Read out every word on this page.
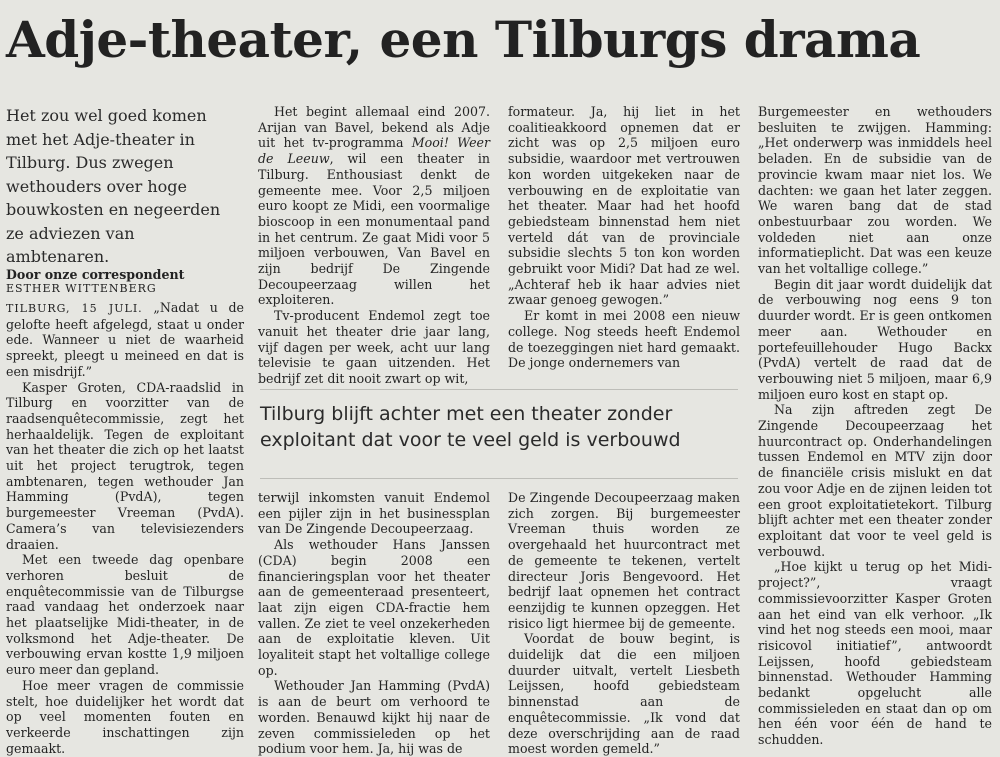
Adje-theater, een Tilburgs drama
Het zou wel goed komen met het Adje-theater in Tilburg. Dus zwegen wethouders over hoge bouwkosten en negeerden ze adviezen van ambtenaren.
Door onze correspondent
ESTHER WITTENBERG

TILBURG, 15 JULI. „Nadat u de gelofte heeft afgelegd, staat u onder ede. Wanneer u niet de waarheid spreekt, pleegt u meineed en dat is een misdrijf.”

Kasper Groten, CDA-raadslid in Tilburg en voorzitter van de raadsenquêtecommissie, zegt het herhaaldelijk. Tegen de exploitant van het theater die zich op het laatst uit het project terugtrok, tegen ambtenaren, tegen wethouder Jan Hamming (PvdA), tegen burgemeester Vreeman (PvdA). Camera’s van televisiezenders draaien.

Met een tweede dag openbare verhoren besluit de enquêtecommissie van de Tilburgse raad vandaag het onderzoek naar het plaatselijke Midi-theater, in de volksmond het Adje-theater. De verbouwing ervan kostte 1,9 miljoen euro meer dan gepland.

Hoe meer vragen de commissie stelt, hoe duidelijker het wordt dat op veel momenten fouten en verkeerde inschattingen zijn gemaakt.

Het begint allemaal eind 2007. Arijan van Bavel, bekend als Adje uit het tv-programma Mooi! Weer de Leeuw, wil een theater in Tilburg. Enthousiast denkt de gemeente mee. Voor 2,5 miljoen euro koopt ze Midi, een voormalige bioscoop in een monumentaal pand in het centrum. Ze gaat Midi voor 5 miljoen verbouwen, Van Bavel en zijn bedrijf De Zingende Decoupeerzaag willen het exploiteren.

Tv-producent Endemol zegt toe vanuit het theater drie jaar lang, vijf dagen per week, acht uur lang televisie te gaan uitzenden. Het bedrijf zet dit nooit zwart op wit,

formateur. Ja, hij liet in het coalitieakkoord opnemen dat er zicht was op 2,5 miljoen euro subsidie, waardoor met vertrouwen kon worden uitgekeken naar de verbouwing en de exploitatie van het theater. Maar had het hoofd gebiedsteam binnenstad hem niet verteld dát van de provinciale subsidie slechts 5 ton kon worden gebruikt voor Midi? Dat had ze wel. „Achteraf heb ik haar advies niet zwaar genoeg gewogen.”

Er komt in mei 2008 een nieuw college. Nog steeds heeft Endemol de toezeggingen niet hard gemaakt. De jonge ondernemers van

Tilburg blijft achter met een theater zonder exploitant dat voor te veel geld is verbouwd

terwijl inkomsten vanuit Endemol een pijler zijn in het businessplan van De Zingende Decoupeerzaag.

Als wethouder Hans Janssen (CDA) begin 2008 een financieringsplan voor het theater aan de gemeenteraad presenteert, laat zijn eigen CDA-fractie hem vallen. Ze ziet te veel onzekerheden aan de exploitatie kleven. Uit loyaliteit stapt het voltallige college op.

Wethouder Jan Hamming (PvdA) is aan de beurt om verhoord te worden. Benauwd kijkt hij naar de zeven commissieleden op het podium voor hem. Ja, hij was de

De Zingende Decoupeerzaag maken zich zorgen. Bij burgemeester Vreeman thuis worden ze overgehaald het huurcontract met de gemeente te tekenen, vertelt directeur Joris Bengevoord. Het bedrijf laat opnemen het contract eenzijdig te kunnen opzeggen. Het risico ligt hiermee bij de gemeente.

Voordat de bouw begint, is duidelijk dat die een miljoen duurder uitvalt, vertelt Liesbeth Leijssen, hoofd gebiedsteam binnenstad aan de enquêtecommissie. „Ik vond dat deze overschrijding aan de raad moest worden gemeld.”

Burgemeester en wethouders besluiten te zwijgen. Hamming: „Het onderwerp was inmiddels heel beladen. En de subsidie van de provincie kwam maar niet los. We dachten: we gaan het later zeggen. We waren bang dat de stad onbestuurbaar zou worden. We voldeden niet aan onze informatieplicht. Dat was een keuze van het voltallige college.”

Begin dit jaar wordt duidelijk dat de verbouwing nog eens 9 ton duurder wordt. Er is geen ontkomen meer aan. Wethouder en portefeuillehouder Hugo Backx (PvdA) vertelt de raad dat de verbouwing niet 5 miljoen, maar 6,9 miljoen euro kost en stapt op.

Na zijn aftreden zegt De Zingende Decoupeerzaag het huurcontract op. Onderhandelingen tussen Endemol en MTV zijn door de financiële crisis mislukt en dat zou voor Adje en de zijnen leiden tot een groot exploitatietekort. Tilburg blijft achter met een theater zonder exploitant dat voor te veel geld is verbouwd.

„Hoe kijkt u terug op het Midi-project?”, vraagt commissievoorzitter Kasper Groten aan het eind van elk verhoor. „Ik vind het nog steeds een mooi, maar risicovol initiatief”, antwoordt Leijssen, hoofd gebiedsteam binnenstad. Wethouder Hamming bedankt opgelucht alle commissieleden en staat dan op om hen één voor één de hand te schudden.
